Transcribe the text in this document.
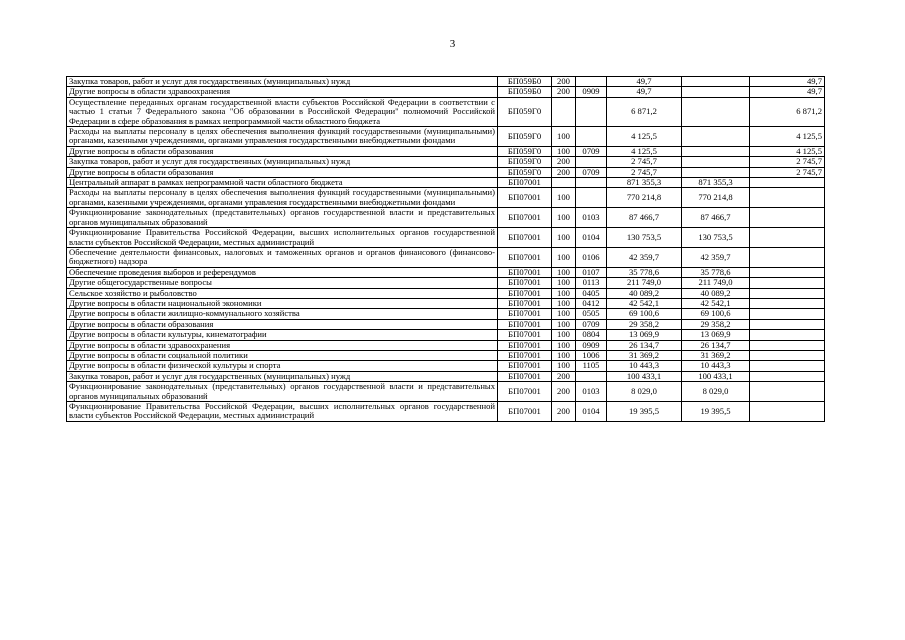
3
Закупка товаров, работ и услуг для государственных (муниципальных) нужд	БП059Б0	200		49,7		49,7
Другие вопросы в области здравоохранения	БП059Б0	200	0909	49,7		49,7
Осуществление переданных органам государственной власти субъектов Российской Федерации в соответствии с частью 1 статьи 7 Федерального закона "Об образовании в Российской Федерации" полномочий Российской Федерации в сфере образования в рамках непрограммной части областного бюджета	БП059Г0			6 871,2		6 871,2
Расходы на выплаты персоналу в целях обеспечения выполнения функций государственными (муниципальными) органами, казенными учреждениями, органами управления государственными внебюджетными фондами	БП059Г0	100		4 125,5		4 125,5
Другие вопросы в области образования	БП059Г0	100	0709	4 125,5		4 125,5
Закупка товаров, работ и услуг для государственных (муниципальных) нужд	БП059Г0	200		2 745,7		2 745,7
Другие вопросы в области образования	БП059Г0	200	0709	2 745,7		2 745,7
Центральный аппарат в рамках непрограммной части областного бюджета	БП07001			871 355,3	871 355,3	
Расходы на выплаты персоналу в целях обеспечения выполнения функций государственными (муниципальными) органами, казенными учреждениями, органами управления государственными внебюджетными фондами	БП07001	100		770 214,8	770 214,8	
Функционирование законодательных (представительных) органов государственной власти и представительных органов муниципальных образований	БП07001	100	0103	87 466,7	87 466,7	
Функционирование Правительства Российской Федерации, высших исполнительных органов государственной власти субъектов Российской Федерации, местных администраций	БП07001	100	0104	130 753,5	130 753,5	
Обеспечение деятельности финансовых, налоговых и таможенных органов и органов финансового (финансово-бюджетного) надзора	БП07001	100	0106	42 359,7	42 359,7	
Обеспечение проведения выборов и референдумов	БП07001	100	0107	35 778,6	35 778,6	
Другие общегосударственные вопросы	БП07001	100	0113	211 749,0	211 749,0	
Сельское хозяйство и рыболовство	БП07001	100	0405	40 089,2	40 089,2	
Другие вопросы в области национальной экономики	БП07001	100	0412	42 542,1	42 542,1	
Другие вопросы в области жилищно-коммунального хозяйства	БП07001	100	0505	69 100,6	69 100,6	
Другие вопросы в области образования	БП07001	100	0709	29 358,2	29 358,2	
Другие вопросы в области культуры, кинематографии	БП07001	100	0804	13 069,9	13 069,9	
Другие вопросы в области здравоохранения	БП07001	100	0909	26 134,7	26 134,7	
Другие вопросы в области социальной политики	БП07001	100	1006	31 369,2	31 369,2	
Другие вопросы в области физической культуры и спорта	БП07001	100	1105	10 443,3	10 443,3	
Закупка товаров, работ и услуг для государственных (муниципальных) нужд	БП07001	200		100 433,1	100 433,1	
Функционирование законодательных (представительных) органов государственной власти и представительных органов муниципальных образований	БП07001	200	0103	8 029,0	8 029,0	
Функционирование Правительства Российской Федерации, высших исполнительных органов государственной власти субъектов Российской Федерации, местных администраций	БП07001	200	0104	19 395,5	19 395,5	
